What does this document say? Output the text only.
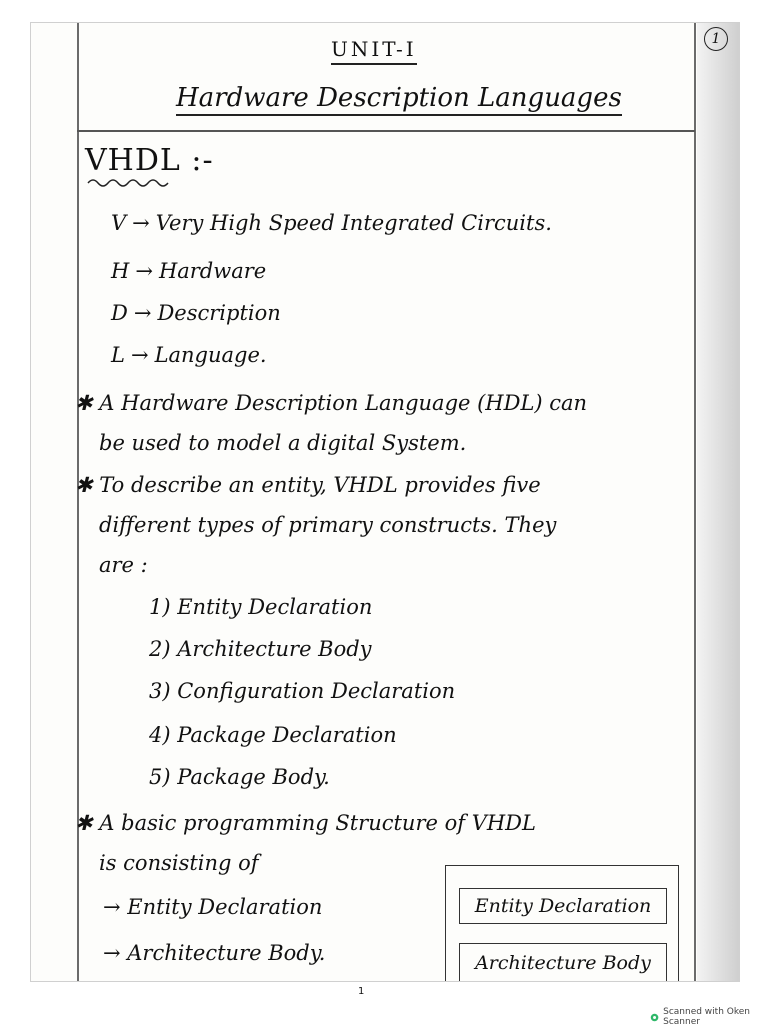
1
UNIT-I
Hardware Description Languages
VHDL :-
V → Very High Speed Integrated Circuits.
H → Hardware
D → Description
L → Language.
✱ A Hardware Description Language (HDL) can
be used to model a digital System.
✱ To describe an entity, VHDL provides five
different types of primary constructs. They
are :
1) Entity Declaration
2) Architecture Body
3) Configuration Declaration
4) Package Declaration
5) Package Body.
✱ A basic programming Structure of VHDL
is consisting of
→ Entity Declaration
→ Architecture Body.
Entity Declaration
Architecture Body
1
Scanned with Oken Scanner
